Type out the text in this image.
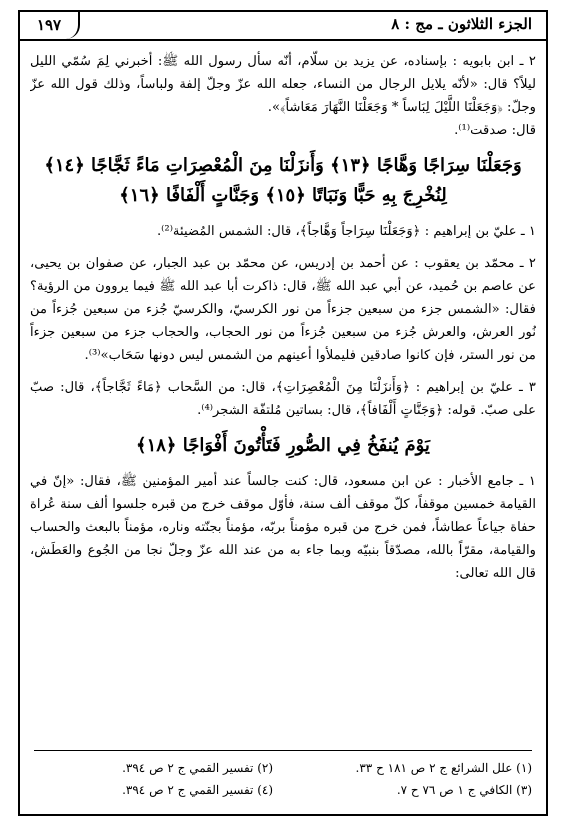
١٩٧	الجزء الثلاثون ـ مج : ٨

٢ ـ ابن بابويه : بإسناده، عن يزيد بن سلّام، أنّه سأل رسول الله ﷺ: أخبرني لِمَ سُمّي الليل ليلاً؟ قال: «لأنّه يلايل الرجال من النساء، جعله الله عزّ وجلّ إلفة ولباساً، وذلك قول الله عزّ وجلّ: ﴿وَجَعَلْنَا اللَّيْلَ لِبَاساً * وَجَعَلْنَا النَّهَارَ مَعَاشاً﴾».

قال: صدقت⁽¹⁾.

وَجَعَلْنَا سِرَاجًا وَهَّاجًا ﴿١٣﴾ وَأَنزَلْنَا مِنَ الْمُعْصِرَاتِ مَاءً ثَجَّاجًا ﴿١٤﴾ لِنُخْرِجَ بِهِ حَبًّا وَنَبَاتًا ﴿١٥﴾ وَجَنَّاتٍ أَلْفَافًا ﴿١٦﴾

١ ـ عليّ بن إبراهيم : ﴿وَجَعَلْنَا سِرَاجاً وَهَّاجاً﴾، قال: الشمس المُضيئة⁽²⁾.

٢ ـ محمّد بن يعقوب : عن أحمد بن إدريس، عن محمّد بن عبد الجبار، عن صفوان بن يحيى، عن عاصم بن حُميد، عن أبي عبد الله ﷺ، قال: ذاكرت أبا عبد الله ﷺ فيما يروون من الرؤية؟ فقال: «الشمس جزء من سبعين جزءاً من نور الكرسيّ، والكرسيّ جُزء من سبعين جُزءاً من نُور العرش، والعرش جُزء من سبعين جُزءاً من نور الحجاب، والحجاب جزء من سبعين جزءاً من نور الستر، فإن كانوا صادقين فليملأوا أعينهم من الشمس ليس دونها سَحَاب»⁽³⁾.

٣ ـ عليّ بن إبراهيم : ﴿وَأَنزَلْنَا مِنَ الْمُعْصِرَاتِ﴾، قال: من السَّحاب ﴿مَاءً ثَجَّاجاً﴾، قال: صبّ على صبّ. قوله: ﴿وَجَنَّاتٍ أَلْفَافاً﴾، قال: بساتين مُلتفّة الشجر⁽⁴⁾.

يَوْمَ يُنفَخُ فِي الصُّورِ فَتَأْتُونَ أَفْوَاجًا ﴿١٨﴾

١ ـ جامع الأخبار : عن ابن مسعود، قال: كنت جالساً عند أمير المؤمنين ﷺ، فقال: «إنّ في القيامة خمسين موقفاً، كلّ موقف ألف سنة، فأوّل موقف خرج من قبره جلسوا ألف سنة عُراة حفاة جياعاً عطاشاً، فمن خرج من قبره مؤمناً بربّه، مؤمناً بجنّته وناره، مؤمناً بالبعث والحساب والقيامة، مقرّاً بالله، مصدّقاً بنبيّه وبما جاء به من عند الله عزّ وجلّ نجا من الجُوع والعَطَش، قال الله تعالى:

(١) علل الشرائع ج ٢ ص ١٨١ ح ٣٣.
(٣) الكافي ج ١ ص ٧٦ ح ٧.
(٢) تفسير القمي ج ٢ ص ٣٩٤.
(٤) تفسير القمي ج ٢ ص ٣٩٤.
